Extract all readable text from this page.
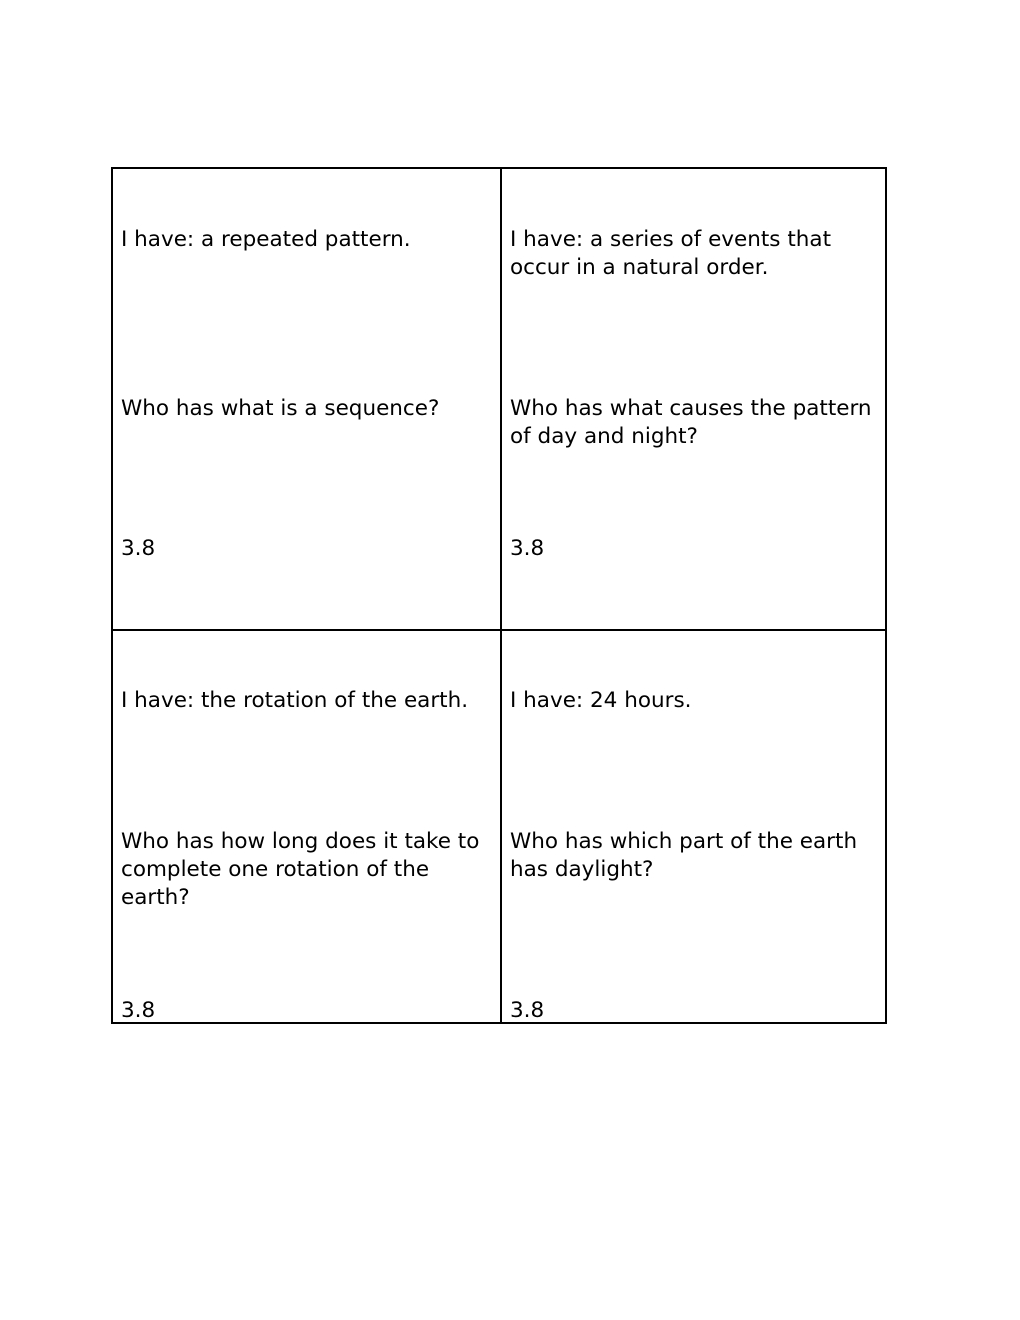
I have: a repeated pattern.
Who has what is a sequence?
3.8
I have: a series of events that occur in a natural order.
Who has what causes the pattern of day and night?
3.8
I have: the rotation of the earth.
Who has how long does it take to complete one rotation of the earth?
3.8
I have: 24 hours.
Who has which part of the earth has daylight?
3.8
